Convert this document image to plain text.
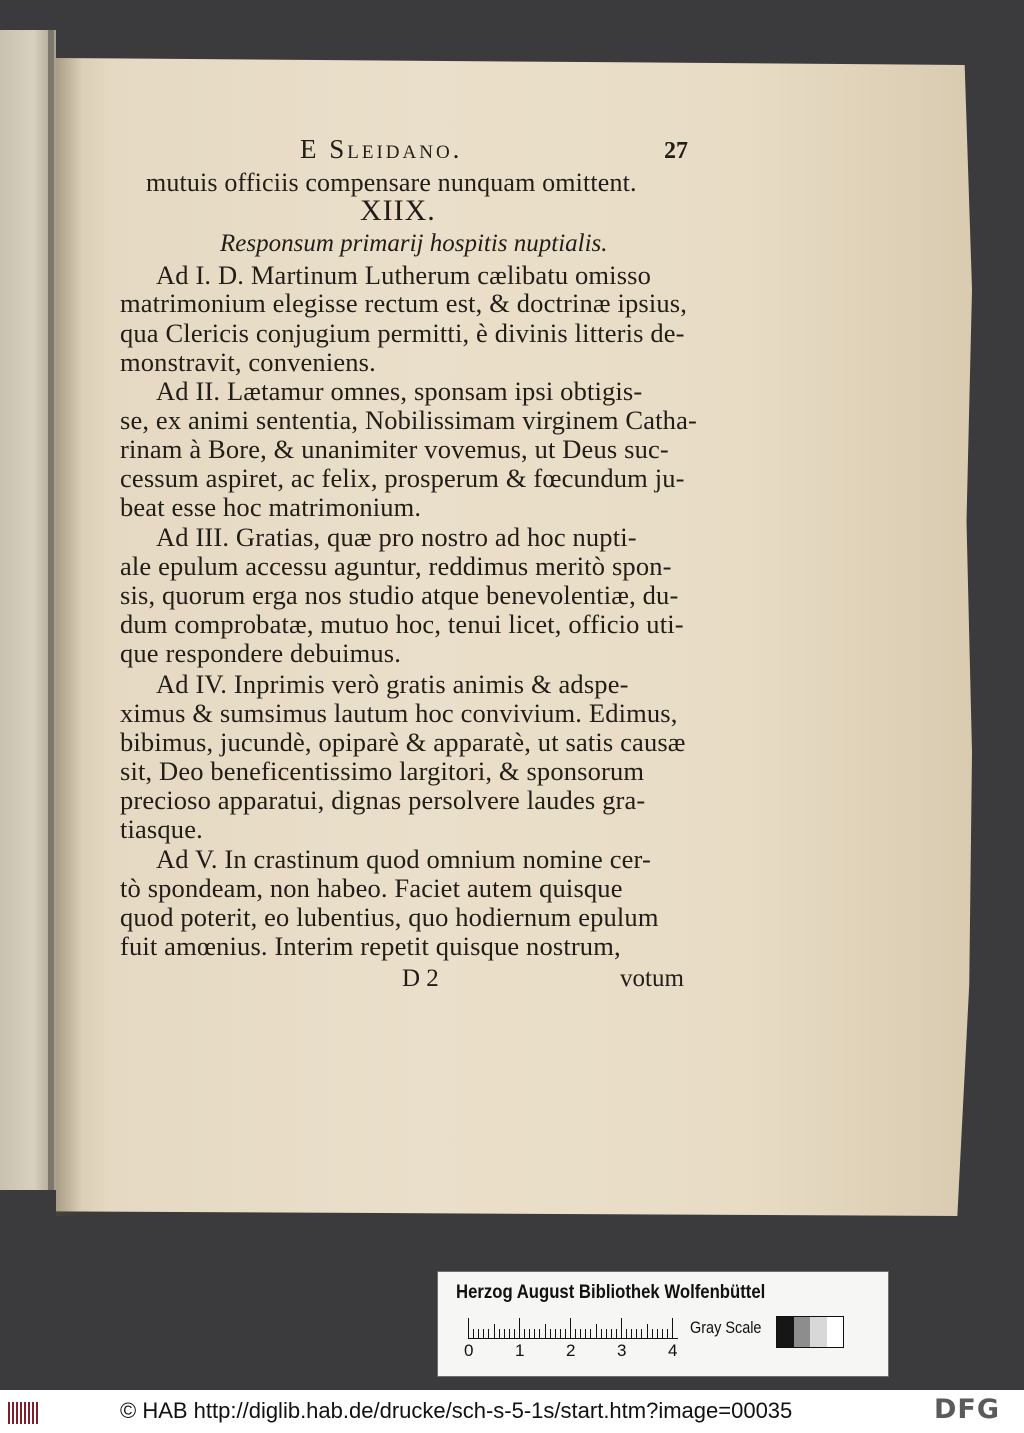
E Sleidano.	27
mutuis officiis compensare nunquam omittent.
XIIX.
Responsum primarij hospitis nuptialis.
Ad I. D. Martinum Lutherum cælibatu omisso
matrimonium elegisse rectum est, & doctrinæ ipsius,
qua Clericis conjugium permitti, è divinis litteris de-
monstravit, conveniens.
Ad II. Lætamur omnes, sponsam ipsi obtigis-
se, ex animi sententia, Nobilissimam virginem Catha-
rinam à Bore, & unanimiter vovemus, ut Deus suc-
cessum aspiret, ac felix, prosperum & fœcundum ju-
beat esse hoc matrimonium.
Ad III. Gratias, quæ pro nostro ad hoc nupti-
ale epulum accessu aguntur, reddimus meritò spon-
sis, quorum erga nos studio atque benevolentiæ, du-
dum comprobatæ, mutuo hoc, tenui licet, officio uti-
que respondere debuimus.
Ad IV. Inprimis verò gratis animis & adspe-
ximus & sumsimus lautum hoc convivium. Edimus,
bibimus, jucundè, opiparè & apparatè, ut satis causæ
sit, Deo beneficentissimo largitori, & sponsorum
precioso apparatui, dignas persolvere laudes gra-
tiasque.
Ad V. In crastinum quod omnium nomine cer-
tò spondeam, non habeo. Faciet autem quisque
quod poterit, eo lubentius, quo hodiernum epulum
fuit amœnius. Interim repetit quisque nostrum,
D 2	votum
Herzog August Bibliothek Wolfenbüttel
0 1 2 3 4
Gray Scale
© HAB http://diglib.hab.de/drucke/sch-s-5-1s/start.htm?image=00035	DFG
